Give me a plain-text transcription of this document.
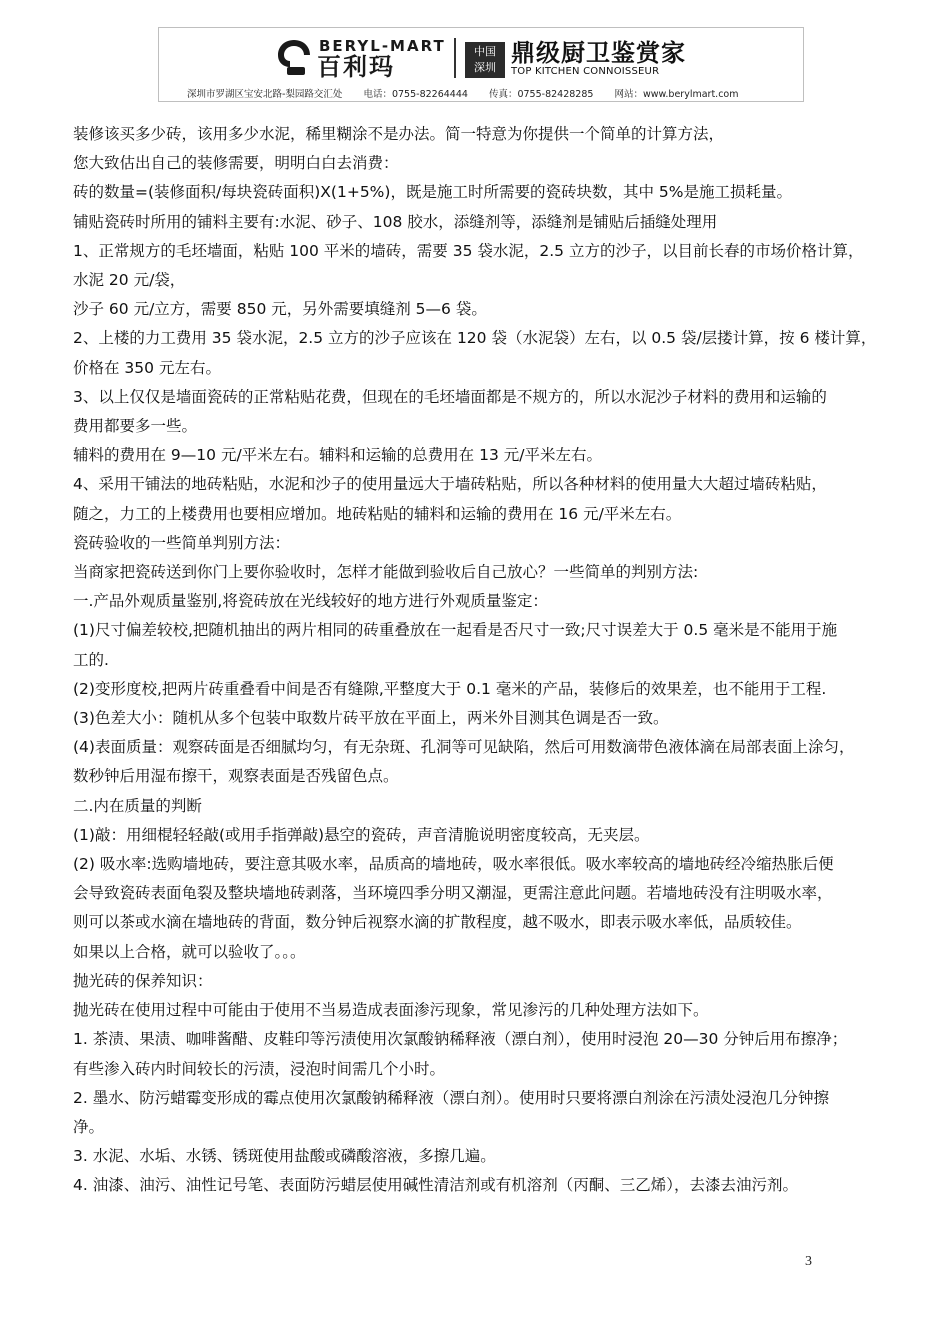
BERYL-MART
百利玛
中国
深圳
鼎级厨卫鉴赏家
TOP KITCHEN CONNOISSEUR
深圳市罗湖区宝安北路-梨园路交汇处 电话：0755-82264444 传真：0755-82428285 网站：www.berylmart.com
装修该买多少砖，该用多少水泥，稀里糊涂不是办法。简一特意为你提供一个简单的计算方法，
您大致估出自己的装修需要，明明白白去消费：
砖的数量=(装修面积/每块瓷砖面积)X(1+5%)，既是施工时所需要的瓷砖块数，其中 5%是施工损耗量。
铺贴瓷砖时所用的铺料主要有:水泥、砂子、108 胶水，添缝剂等，添缝剂是铺贴后插缝处理用
1、正常规方的毛坯墙面，粘贴 100 平米的墙砖，需要 35 袋水泥，2.5 立方的沙子，以目前长春的市场价格计算，
水泥 20 元/袋，
沙子 60 元/立方，需要 850 元，另外需要填缝剂 5—6 袋。
2、上楼的力工费用 35 袋水泥，2.5 立方的沙子应该在 120 袋（水泥袋）左右，以 0.5 袋/层搂计算，按 6 楼计算，
价格在 350 元左右。
3、以上仅仅是墙面瓷砖的正常粘贴花费，但现在的毛坯墙面都是不规方的，所以水泥沙子材料的费用和运输的
费用都要多一些。
辅料的费用在 9—10 元/平米左右。辅料和运输的总费用在 13 元/平米左右。
4、采用干铺法的地砖粘贴，水泥和沙子的使用量远大于墙砖粘贴，所以各种材料的使用量大大超过墙砖粘贴，
随之，力工的上楼费用也要相应增加。地砖粘贴的辅料和运输的费用在 16 元/平米左右。
瓷砖验收的一些简单判别方法：
当商家把瓷砖送到你门上要你验收时，怎样才能做到验收后自己放心？一些简单的判别方法:
一.产品外观质量鉴别,将瓷砖放在光线较好的地方进行外观质量鉴定：
(1)尺寸偏差较校,把随机抽出的两片相同的砖重叠放在一起看是否尺寸一致;尺寸误差大于 0.5 毫米是不能用于施
工的.
(2)变形度校,把两片砖重叠看中间是否有缝隙,平整度大于 0.1 毫米的产品，装修后的效果差，也不能用于工程.
(3)色差大小：随机从多个包装中取数片砖平放在平面上，两米外目测其色调是否一致。
(4)表面质量：观察砖面是否细腻均匀，有无杂斑、孔洞等可见缺陷，然后可用数滴带色液体滴在局部表面上涂匀，
数秒钟后用湿布擦干，观察表面是否残留色点。
二.内在质量的判断
(1)敲：用细棍轻轻敲(或用手指弹敲)悬空的瓷砖，声音清脆说明密度较高，无夹层。
(2) 吸水率:选购墙地砖，要注意其吸水率，品质高的墙地砖，吸水率很低。吸水率较高的墙地砖经冷缩热胀后便
会导致瓷砖表面龟裂及整块墙地砖剥落，当环境四季分明又潮湿，更需注意此问题。若墙地砖没有注明吸水率，
则可以茶或水滴在墙地砖的背面，数分钟后视察水滴的扩散程度，越不吸水，即表示吸水率低，品质较佳。
如果以上合格，就可以验收了。。。
抛光砖的保养知识：
抛光砖在使用过程中可能由于使用不当易造成表面渗污现象，常见渗污的几种处理方法如下。
1. 茶渍、果渍、咖啡酱醋、皮鞋印等污渍使用次氯酸钠稀释液（漂白剂），使用时浸泡 20—30 分钟后用布擦净；
有些渗入砖内时间较长的污渍，浸泡时间需几个小时。
2. 墨水、防污蜡霉变形成的霉点使用次氯酸钠稀释液（漂白剂）。使用时只要将漂白剂涂在污渍处浸泡几分钟擦
净。
3. 水泥、水垢、水锈、锈斑使用盐酸或磷酸溶液，多擦几遍。
4. 油漆、油污、油性记号笔、表面防污蜡层使用碱性清洁剂或有机溶剂（丙酮、三乙烯），去漆去油污剂。
3
